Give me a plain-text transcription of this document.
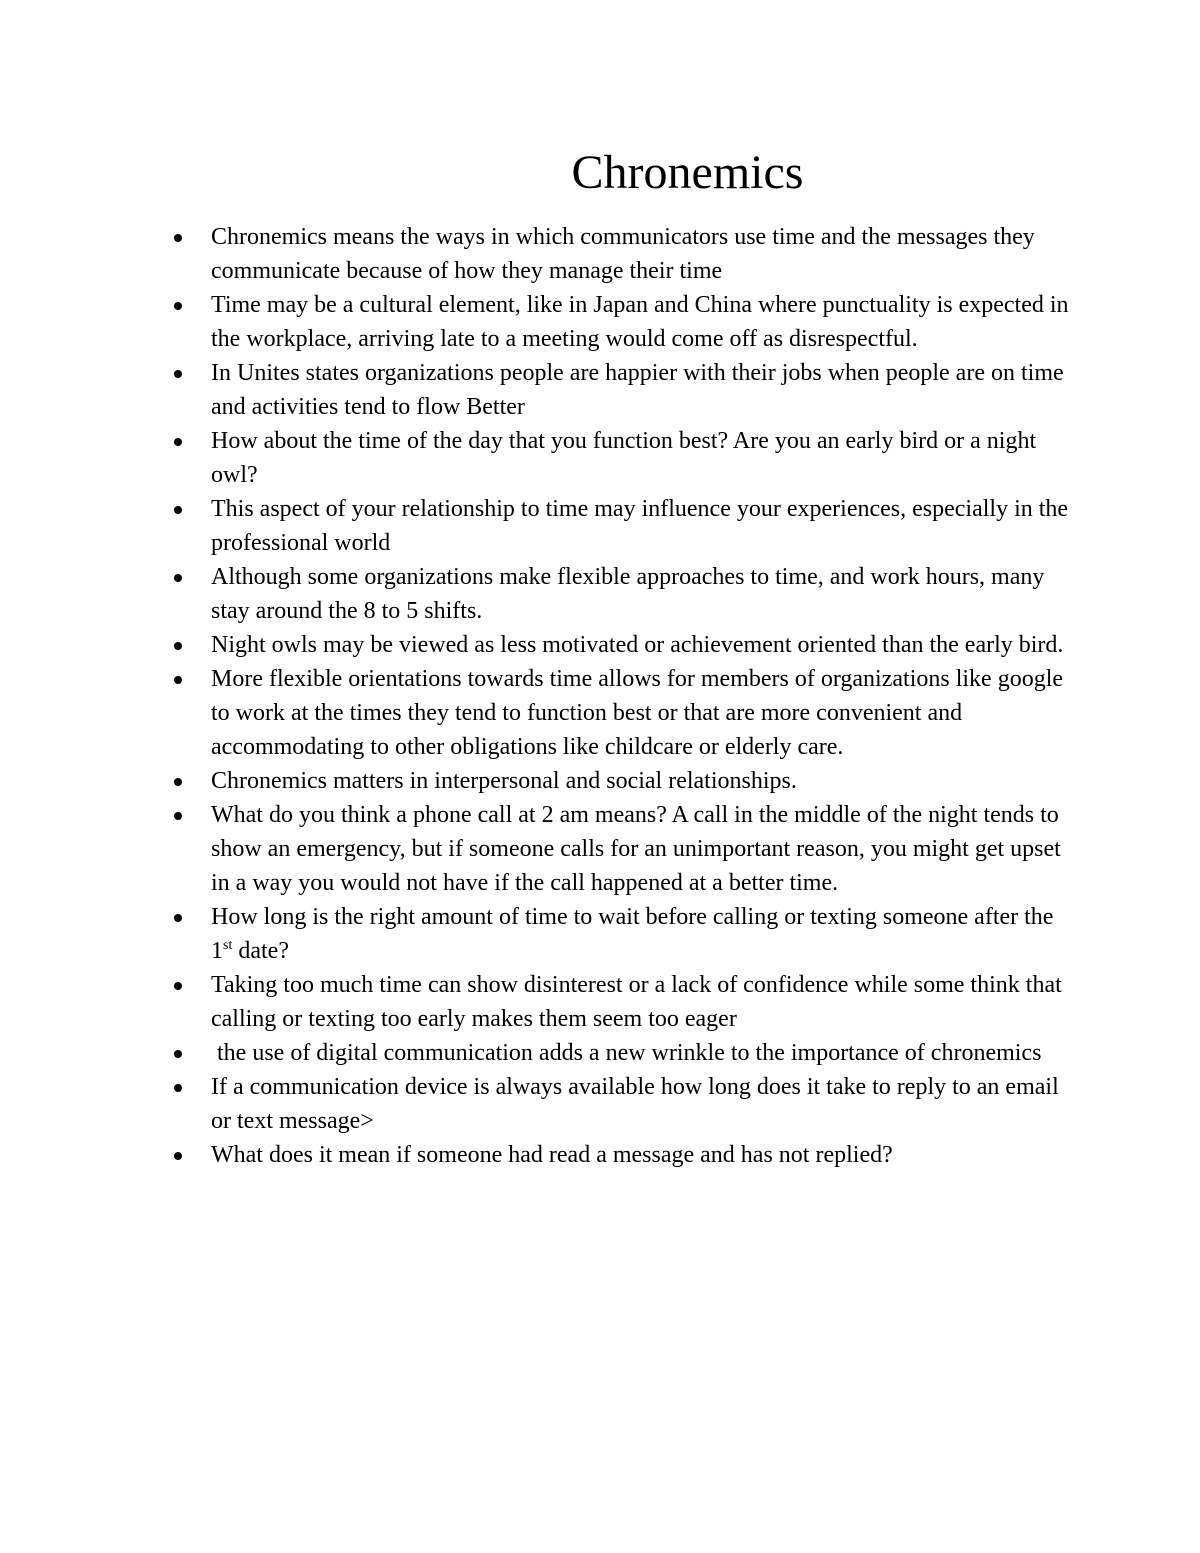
Chronemics
Chronemics means the ways in which communicators use time and the messages they communicate because of how they manage their time
Time may be a cultural element, like in Japan and China where punctuality is expected in the workplace, arriving late to a meeting would come off as disrespectful.
In Unites states organizations people are happier with their jobs when people are on time and activities tend to flow Better
How about the time of the day that you function best? Are you an early bird or a night owl?
This aspect of your relationship to time may influence your experiences, especially in the professional world
Although some organizations make flexible approaches to time, and work hours, many stay around the 8 to 5 shifts.
Night owls may be viewed as less motivated or achievement oriented than the early bird.
More flexible orientations towards time allows for members of organizations like google to work at the times they tend to function best or that are more convenient and accommodating to other obligations like childcare or elderly care.
Chronemics matters in interpersonal and social relationships.
What do you think a phone call at 2 am means? A call in the middle of the night tends to show an emergency, but if someone calls for an unimportant reason, you might get upset in a way you would not have if the call happened at a better time.
How long is the right amount of time to wait before calling or texting someone after the 1st date?
Taking too much time can show disinterest or a lack of confidence while some think that calling or texting too early makes them seem too eager
the use of digital communication adds a new wrinkle to the importance of chronemics
If a communication device is always available how long does it take to reply to an email or text message>
What does it mean if someone had read a message and has not replied?
